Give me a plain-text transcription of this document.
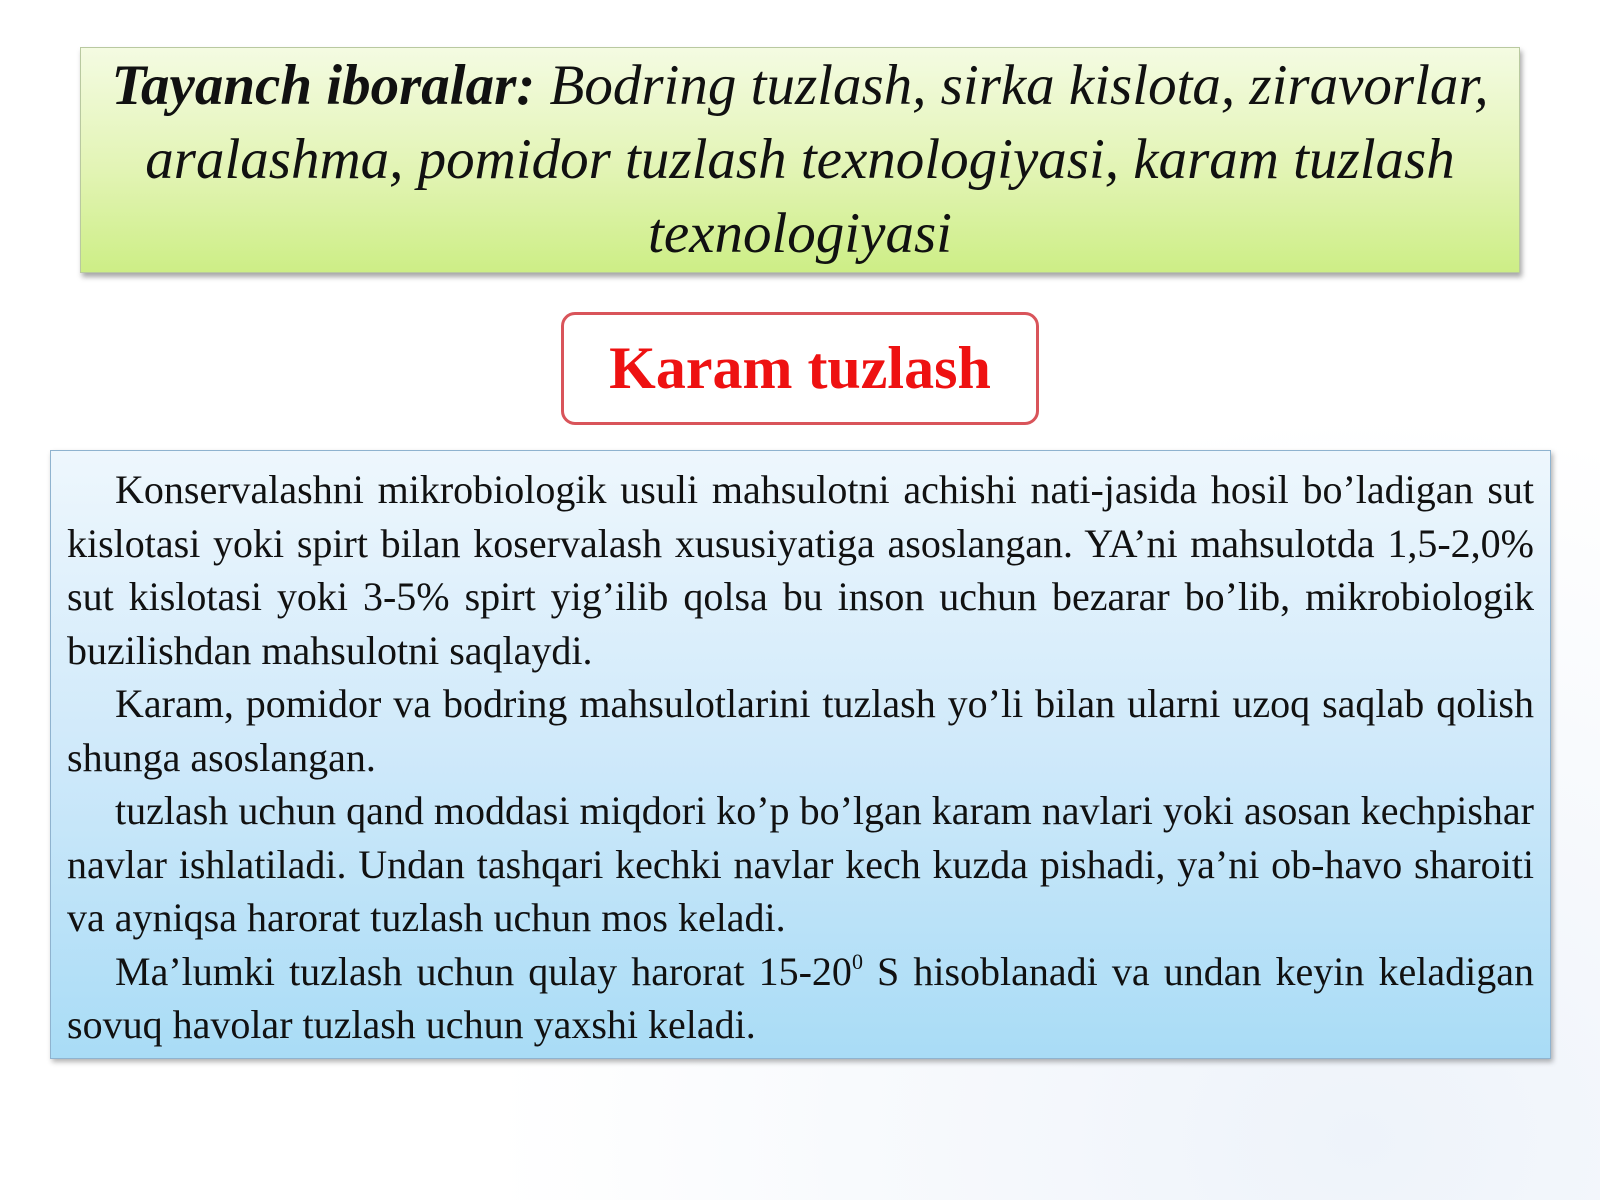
Tayanch iboralar: Bodring tuzlash, sirka kislota, ziravorlar, aralashma, pomidor tuzlash texnologiyasi, karam tuzlash texnologiyasi
Karam tuzlash

Konservalashni mikrobiologik usuli mahsulotni achishi nati-jasida hosil bo’ladigan sut kislotasi yoki spirt bilan koservalash xususiyatiga asoslangan. YA’ni mahsulotda 1,5-2,0% sut kislotasi yoki 3-5% spirt yig’ilib qolsa bu inson uchun bezarar bo’lib, mikrobiologik buzilishdan mahsulotni saqlaydi.

Karam, pomidor va bodring mahsulotlarini tuzlash yo’li bilan ularni uzoq saqlab qolish shunga asoslangan.

tuzlash uchun qand moddasi miqdori ko’p bo’lgan karam navlari yoki asosan kechpishar navlar ishlatiladi. Undan tashqari kechki navlar kech kuzda pishadi, ya’ni ob-havo sharoiti va ayniqsa harorat tuzlash uchun mos keladi.

Ma’lumki tuzlash uchun qulay harorat $15-20^0$ S hisoblanadi va undan keyin keladigan sovuq havolar tuzlash uchun yaxshi keladi.
